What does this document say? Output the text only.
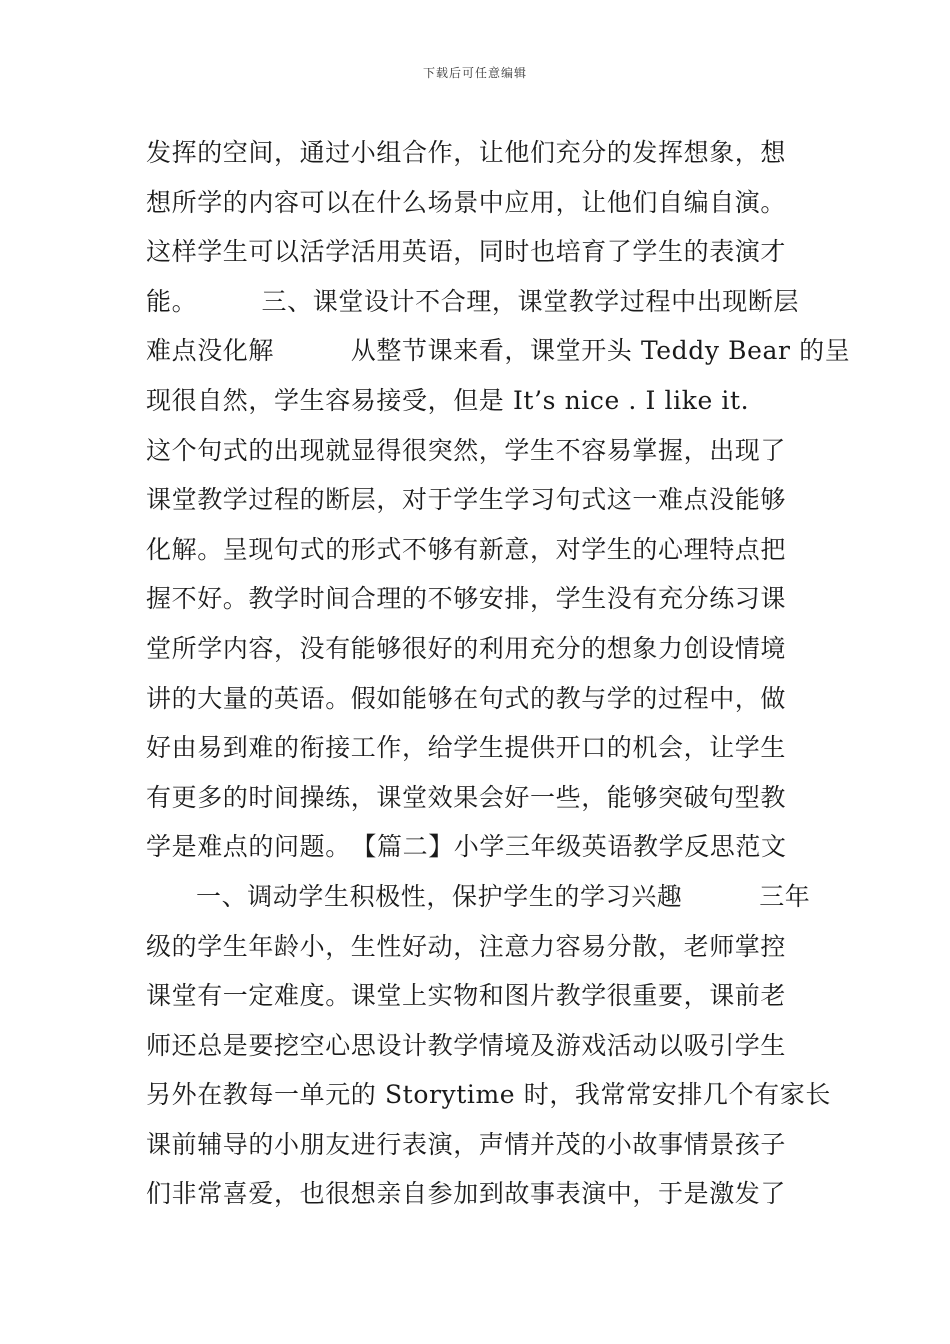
下载后可任意编辑
发挥的空间，通过小组合作，让他们充分的发挥想象，想
想所学的内容可以在什么场景中应用，让他们自编自演。
这样学生可以活学活用英语，同时也培育了学生的表演才
能。　　　三、课堂设计不合理，课堂教学过程中出现断层
难点没化解　　　从整节课来看，课堂开头 Teddy Bear 的呈
现很自然，学生容易接受，但是 It’s nice . I like it.
这个句式的出现就显得很突然，学生不容易掌握，出现了
课堂教学过程的断层，对于学生学习句式这一难点没能够
化解。呈现句式的形式不够有新意，对学生的心理特点把
握不好。教学时间合理的不够安排，学生没有充分练习课
堂所学内容，没有能够很好的利用充分的想象力创设情境
讲的大量的英语。假如能够在句式的教与学的过程中，做
好由易到难的衔接工作，给学生提供开口的机会，让学生
有更多的时间操练，课堂效果会好一些，能够突破句型教
学是难点的问题。　【篇二】小学三年级英语教学反思范文
一、调动学生积极性，保护学生的学习兴趣　　　三年
级的学生年龄小，生性好动，注意力容易分散，老师掌控
课堂有一定难度。课堂上实物和图片教学很重要，课前老
师还总是要挖空心思设计教学情境及游戏活动以吸引学生
另外在教每一单元的 Storytime 时，我常常安排几个有家长
课前辅导的小朋友进行表演，声情并茂的小故事情景孩子
们非常喜爱，也很想亲自参加到故事表演中，于是激发了
